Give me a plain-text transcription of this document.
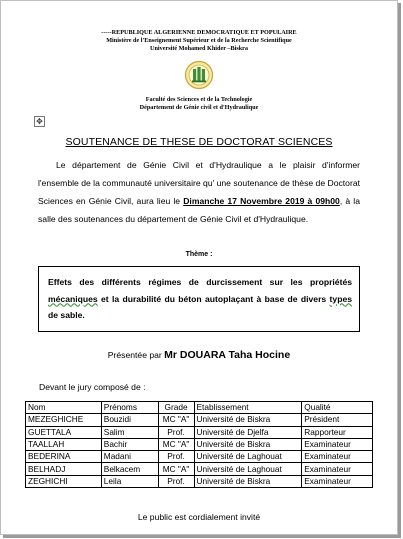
-----REPUBLIQUE ALGERIENNE DEMOCRATIQUE ET POPULAIRE
Ministère de l'Enseignement Supérieur et de la Recherche Scientifique
Université Mohamed Khider –Biskra
Faculté des Sciences et de la Technologie
Département de Génie civil et d'Hydraulique
✥
SOUTENANCE DE THESE DE DOCTORAT SCIENCES
Le département de Génie Civil et d'Hydraulique a le plaisir d'informer l'ensemble de la communauté universitaire qu' une soutenance de thèse de Doctorat Sciences en Génie Civil, aura lieu le Dimanche 17 Novembre 2019 à 09h00, à la salle des soutenances du département de Génie Civil et d'Hydraulique.
Thème :
Effets des différents régimes de durcissement sur les propriétés mécaniques et la durabilité du béton autoplaçant à base de divers types de sable.
Présentée par Mr DOUARA Taha Hocine
Devant le jury composé de :
Nom	Prénoms	Grade	Etablissement	Qualité
MEZEGHICHE	Bouzidi	MC "A"	Université de Biskra	Président
GUETTALA	Salim	Prof.	Université de Djelfa	Rapporteur
TAALLAH	Bachir	MC "A"	Université de Biskra	Examinateur
BEDERINA	Madani	Prof.	Université de Laghouat	Examinateur
BELHADJ	Belkacem	MC "A"	Université de Laghouat	Examinateur
ZEGHICHI	Leila	Prof.	Université de Biskra	Examinateur
Le public est cordialement invité
